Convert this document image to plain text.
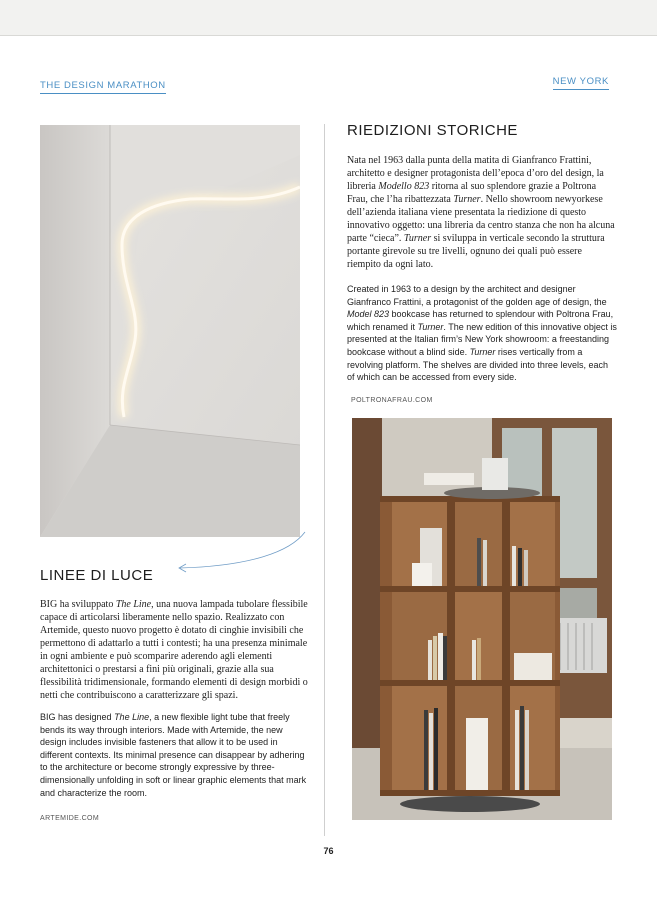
THE DESIGN MARATHON	NEW YORK
LINEE DI LUCE

BIG ha sviluppato The Line, una nuova lampada tubolare flessibile capace di articolarsi liberamente nello spazio. Realizzato con Artemide, questo nuovo progetto è dotato di cinghie invisibili che permettono di adattarlo a tutti i contesti; ha una presenza minimale in ogni ambiente e può scomparire aderendo agli elementi architettonici o prestarsi a fini più originali, grazie alla sua flessibilità tridimensionale, formando elementi di design morbidi o netti che contribuiscono a caratterizzare gli spazi.

BIG has designed The Line, a new flexible light tube that freely bends its way through interiors. Made with Artemide, the new design includes invisible fasteners that allow it to be used in different contexts. Its minimal presence can disappear by adhering to the architecture or become strongly expressive by three-dimensionally unfolding in soft or linear graphic elements that mark and characterize the room.

ARTEMIDE.COM
RIEDIZIONI STORICHE

Nata nel 1963 dalla punta della matita di Gianfranco Frattini, architetto e designer protagonista dell’epoca d’oro del design, la libreria Modello 823 ritorna al suo splendore grazie a Poltrona Frau, che l’ha ribattezzata Turner. Nello showroom newyorkese dell’azienda italiana viene presentata la riedizione di questo innovativo oggetto: una libreria da centro stanza che non ha alcuna parte “cieca”. Turner si sviluppa in verticale secondo la struttura portante girevole su tre livelli, ognuno dei quali può essere riempito da ogni lato.

Created in 1963 to a design by the architect and designer Gianfranco Frattini, a protagonist of the golden age of design, the Model 823 bookcase has returned to splendour with Poltrona Frau, which renamed it Turner. The new edition of this innovative object is presented at the Italian firm’s New York showroom: a freestanding bookcase without a blind side. Turner rises vertically from a revolving platform. The shelves are divided into three levels, each of which can be accessed from every side.

POLTRONAFRAU.COM
76
